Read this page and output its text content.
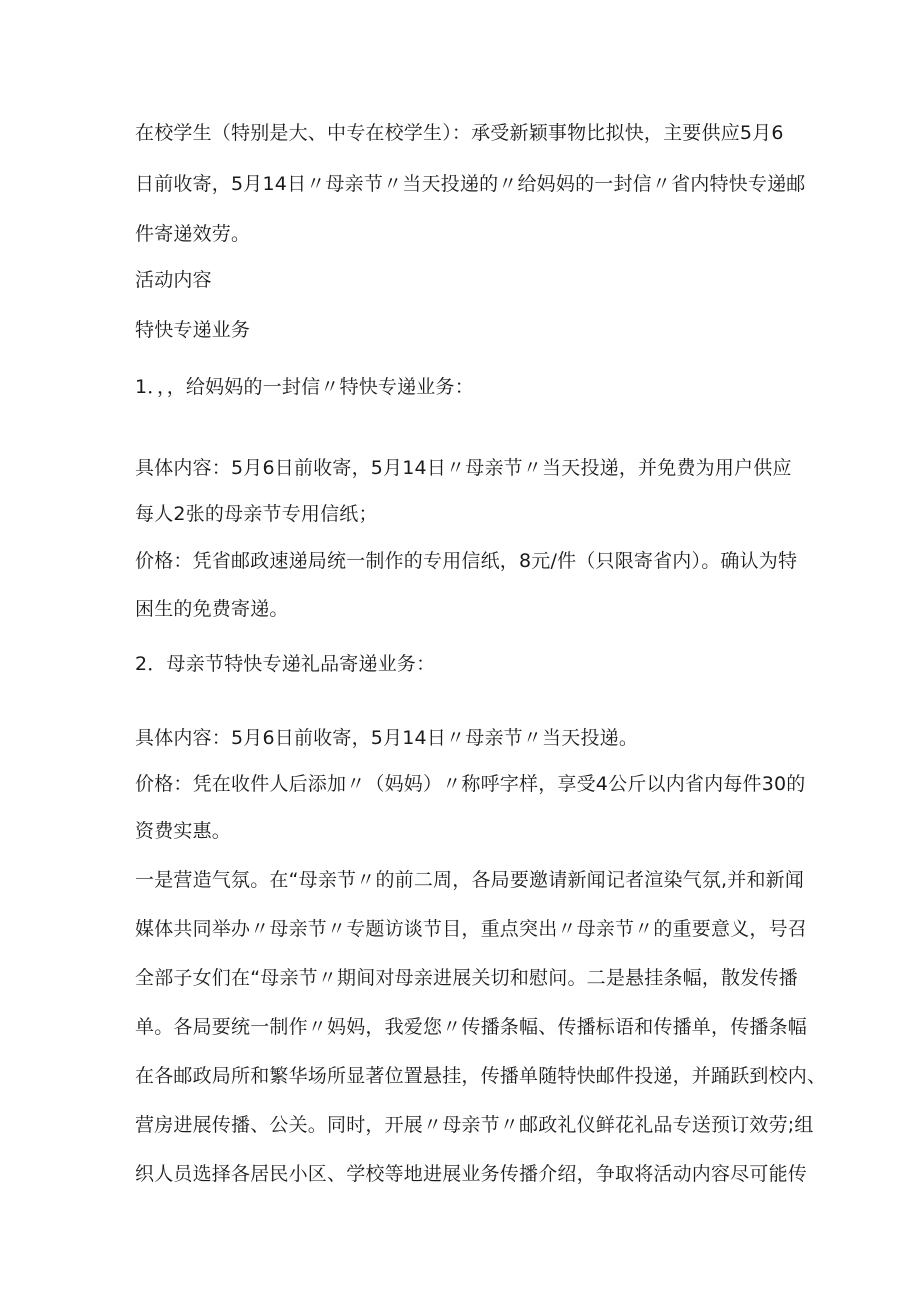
在校学生（特别是大、中专在校学生）：承受新颖事物比拟快，主要供应5月6
日前收寄，5月14日〃母亲节〃当天投递的〃给妈妈的一封信〃省内特快专递邮
件寄递效劳。
活动内容
特快专递业务
1．，，给妈妈的一封信〃特快专递业务：
具体内容：5月6日前收寄，5月14日〃母亲节〃当天投递，并免费为用户供应
每人2张的母亲节专用信纸；
价格：凭省邮政速递局统一制作的专用信纸，8元/件（只限寄省内）。确认为特
困生的免费寄递。
2．母亲节特快专递礼品寄递业务：
具体内容：5月6日前收寄，5月14日〃母亲节〃当天投递。
价格：凭在收件人后添加〃（妈妈）〃称呼字样，享受4公斤以内省内每件30的
资费实惠。
一是营造气氛。在“母亲节〃的前二周，各局要邀请新闻记者渲染气氛,并和新闻
媒体共同举办〃母亲节〃专题访谈节目，重点突出〃母亲节〃的重要意义，号召
全部子女们在“母亲节〃期间对母亲进展关切和慰问。二是悬挂条幅，散发传播
单。各局要统一制作〃妈妈，我爱您〃传播条幅、传播标语和传播单，传播条幅
在各邮政局所和繁华场所显著位置悬挂，传播单随特快邮件投递，并踊跃到校内、
营房进展传播、公关。同时，开展〃母亲节〃邮政礼仪鲜花礼品专送预订效劳;组
织人员选择各居民小区、学校等地进展业务传播介绍，争取将活动内容尽可能传
